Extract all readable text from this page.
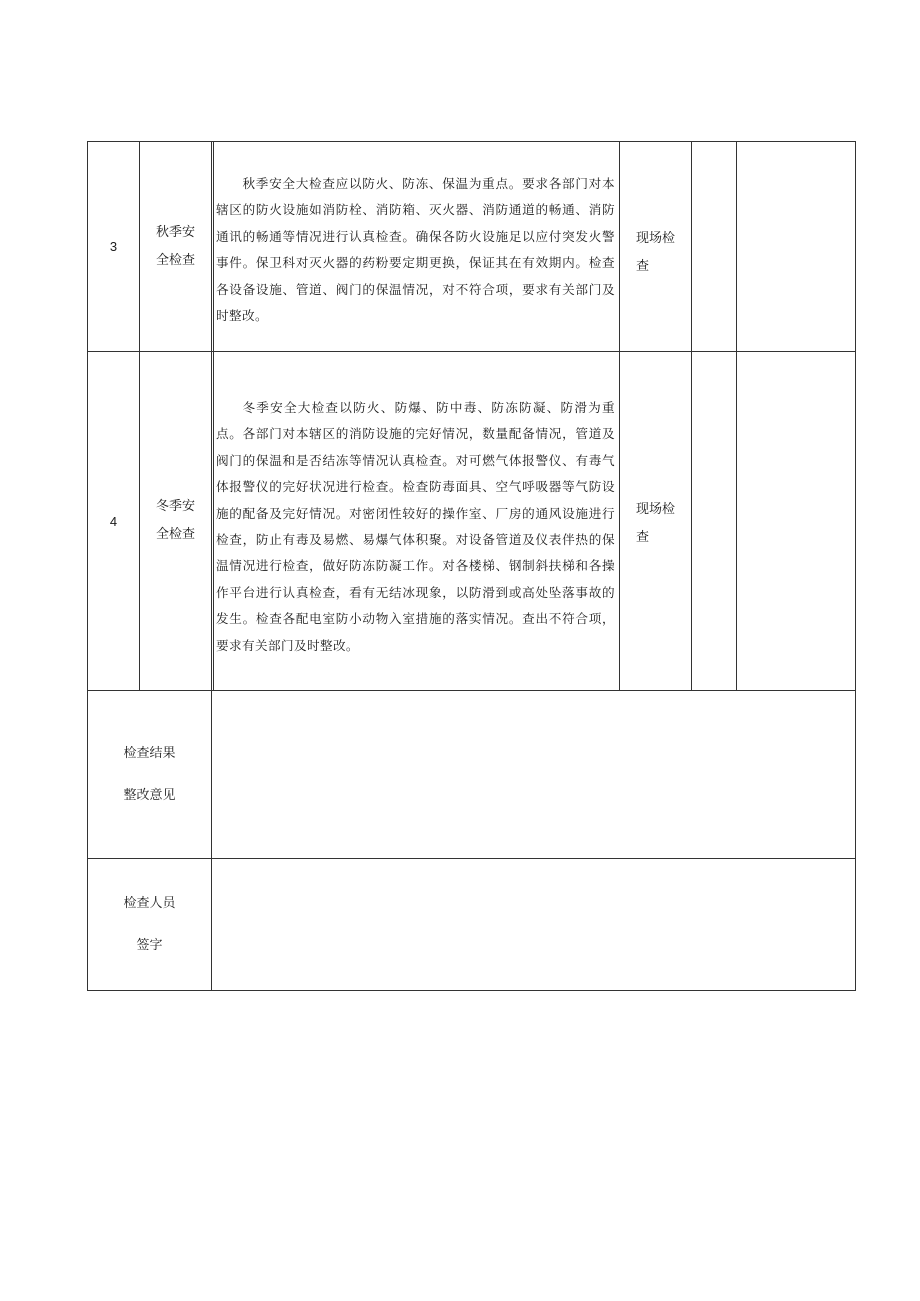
3
秋季安
全检查
秋季安全大检查应以防火、防冻、保温为重点。要求各部门对本辖区的防火设施如消防栓、消防箱、灭火器、消防通道的畅通、消防通讯的畅通等情况进行认真检查。确保各防火设施足以应付突发火警事件。保卫科对灭火器的药粉要定期更换，保证其在有效期内。检查各设备设施、管道、阀门的保温情况，对不符合项，要求有关部门及时整改。
现场检
查
4
冬季安
全检查
冬季安全大检查以防火、防爆、防中毒、防冻防凝、防滑为重点。各部门对本辖区的消防设施的完好情况，数量配备情况，管道及阀门的保温和是否结冻等情况认真检查。对可燃气体报警仪、有毒气体报警仪的完好状况进行检查。检查防毒面具、空气呼吸器等气防设施的配备及完好情况。对密闭性较好的操作室、厂房的通风设施进行检查，防止有毒及易燃、易爆气体积聚。对设备管道及仪表伴热的保温情况进行检查，做好防冻防凝工作。对各楼梯、钢制斜扶梯和各操作平台进行认真检查，看有无结冰现象，以防滑到或高处坠落事故的发生。检查各配电室防小动物入室措施的落实情况。查出不符合项，要求有关部门及时整改。
现场检
查
检查结果
整改意见
检查人员
签字
